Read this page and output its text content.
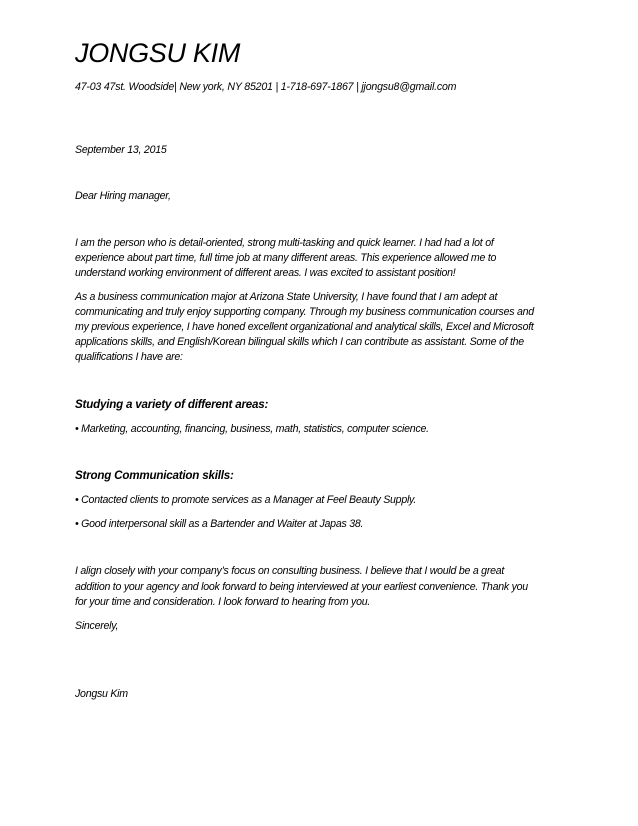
JONGSU KIM
47-03 47st. Woodside| New york, NY 85201 | 1-718-697-1867 | jjongsu8@gmail.com
September 13, 2015
Dear Hiring manager,
I am the person who is detail-oriented, strong multi-tasking and quick learner. I had had a lot of
experience about part time, full time job at many different areas. This experience allowed me to
understand working environment of different areas. I was excited to assistant position!
As a business communication major at Arizona State University, I have found that I am adept at
communicating and truly enjoy supporting company. Through my business communication courses and
my previous experience, I have honed excellent organizational and analytical skills, Excel and Microsoft
applications skills, and English/Korean bilingual skills which I can contribute as assistant. Some of the
qualifications I have are:
Studying a variety of different areas:
• Marketing, accounting, financing, business, math, statistics, computer science.
Strong Communication skills:
• Contacted clients to promote services as a Manager at Feel Beauty Supply.
• Good interpersonal skill as a Bartender and Waiter at Japas 38.
I align closely with your company’s focus on consulting business. I believe that I would be a great
addition to your agency and look forward to being interviewed at your earliest convenience. Thank you
for your time and consideration. I look forward to hearing from you.
Sincerely,
Jongsu Kim
